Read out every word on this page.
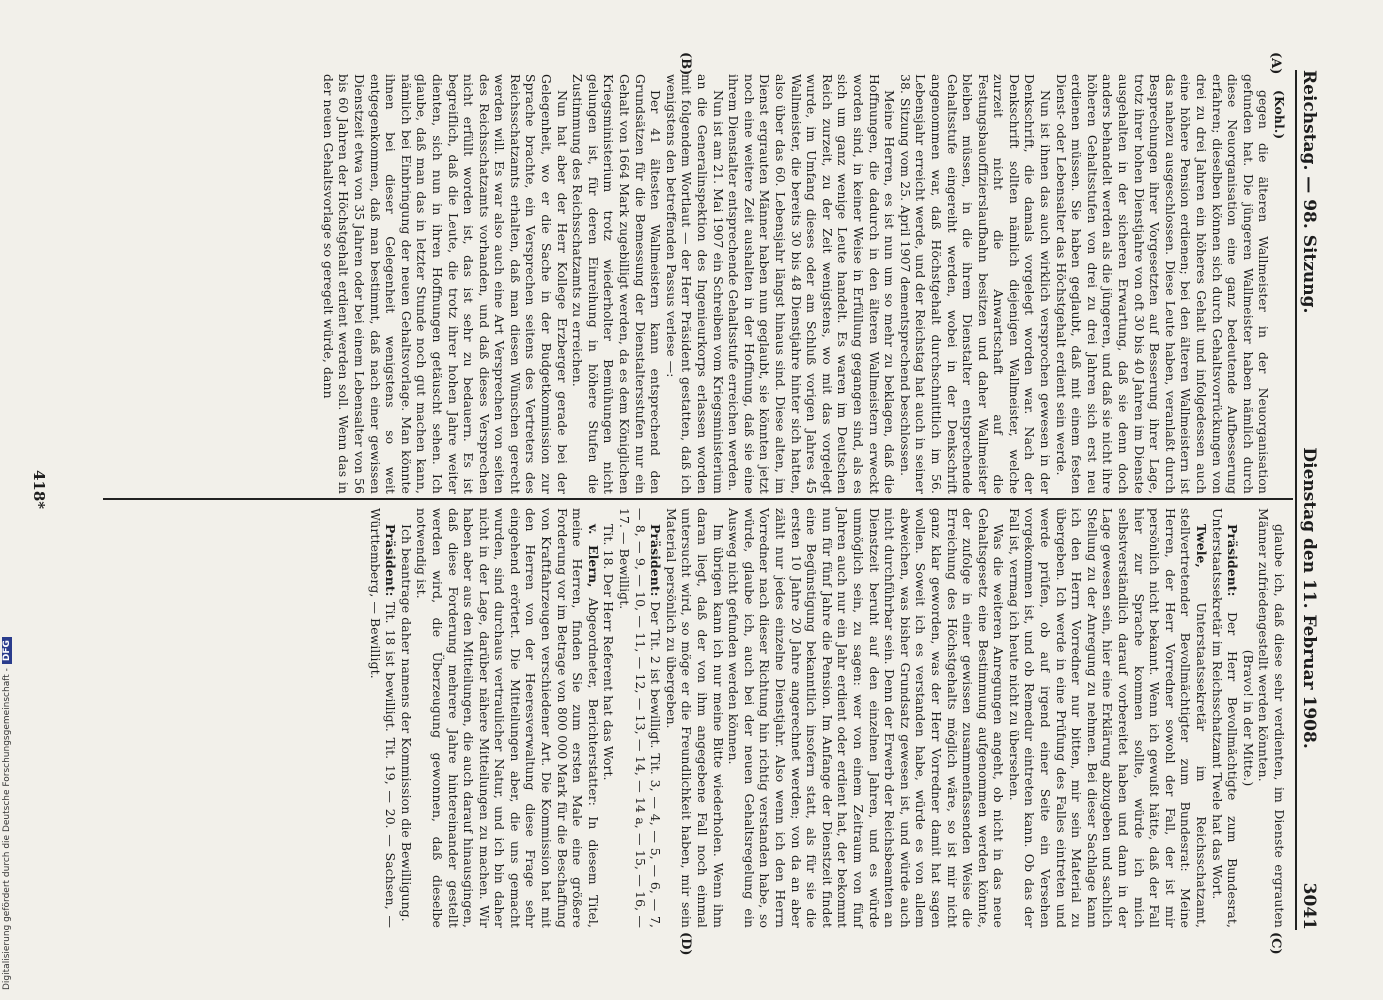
Reichstag. — 98. Sitzung.
Dienstag den 11. Februar 1908.
3041
(A)
(B)
(C)
(D)

(Kohl.)

gegen die älteren Wallmeister in der Neuorganisation gefunden hat. Die jüngeren Wallmeister haben nämlich durch diese Neuorganisation eine ganz bedeutende Aufbesserung erfahren; dieselben können sich durch Gehaltsvorrückungen von drei zu drei Jahren ein höheres Gehalt und infolgedessen auch eine höhere Pension erdienen; bei den älteren Wallmeistern ist das nahezu ausgeschlossen. Diese Leute haben, veranlaßt durch Besprechungen ihrer Vorgesetzten auf Besserung ihrer Lage, trotz ihrer hohen Dienstjahre von oft 30 bis 40 Jahren im Dienste ausgehalten in der sicheren Erwartung, daß sie denn doch anders behandelt werden als die jüngeren, und daß sie nicht ihre höheren Gehaltsstufen von drei zu drei Jahren sich erst neu erdienen müssen. Sie haben geglaubt, daß mit einem festen Dienst- oder Lebensalter das Höchstgehalt erdient sein werde.

Nun ist ihnen das auch wirklich versprochen gewesen in der Denkschrift, die damals vorgelegt worden war. Nach der Denkschrift sollten nämlich diejenigen Wallmeister, welche zurzeit nicht die Anwartschaft auf die Festungsbauoffizierslaufbahn besitzen und daher Wallmeister bleiben müssen, in die ihrem Dienstalter entsprechende Gehaltsstufe eingereiht werden, wobei in der Denkschrift angenommen war, daß Höchstgehalt durchschnittlich im 56. Lebensjahr erreicht werde, und der Reichstag hat auch in seiner 38. Sitzung vom 25. April 1907 dementsprechend beschlossen.

Meine Herren, es ist nun um so mehr zu beklagen, daß die Hoffnungen, die dadurch in den älteren Wallmeistern erweckt worden sind, in keiner Weise in Erfüllung gegangen sind, als es sich um ganz wenige Leute handelt. Es waren im Deutschen Reich zurzeit, zu der Zeit wenigstens, wo mit das vorgelegt wurde, im Umfang dieses oder am Schluß vorigen Jahres 45 Wallmeister, die bereits 30 bis 48 Dienstjahre hinter sich hatten, also über das 60. Lebensjahr längst hinaus sind. Diese alten, im Dienst ergrauten Männer haben nun geglaubt, sie könnten jetzt noch eine weitere Zeit aushalten in der Hoffnung, daß sie eine ihrem Dienstalter entsprechende Gehaltsstufe erreichen werden.

Nun ist am 21. Mai 1907 ein Schreiben vom Kriegsministerium an die Generalinspektion des Ingenieurkorps erlassen worden mit folgendem Wortlaut — der Herr Präsident gestatten, daß ich wenigstens den betreffenden Passus verlese —:

Der 41 ältesten Wallmeistern kann entsprechend den Grundsätzen für die Bemessung der Dienstaltersstufen nur ein Gehalt von 1664 Mark zugebilligt werden, da es dem Königlichen Kriegsministerium trotz wiederholter Bemühungen nicht gelungen ist, für deren Einreihung in höhere Stufen die Zustimmung des Reichsschatzamts zu erreichen.

Nun hat aber der Herr Kollege Erzberger gerade bei der Gelegenheit, wo er die Sache in der Budgetkommission zur Sprache brachte, ein Versprechen seitens des Vertreters des Reichsschatzamts erhalten, daß man diesen Wünschen gerecht werden will. Es war also auch eine Art Versprechen von seiten des Reichsschatzamts vorhanden, und daß dieses Versprechen nicht erfüllt worden ist, das ist sehr zu bedauern. Es ist begreiflich, daß die Leute, die trotz ihrer hohen Jahre weiter dienten, sich nun in ihren Hoffnungen getäuscht sehen. Ich glaube, daß man das in letzter Stunde noch gut machen kann, nämlich bei Einbringung der neuen Gehaltsvorlage. Man könnte ihnen bei dieser Gelegenheit wenigstens so weit entgegenkommen, daß man bestimmt, daß nach einer gewissen Dienstzeit etwa von 35 Jahren oder bei einem Lebensalter von 56 bis 60 Jahren der Höchstgehalt erdient werden soll. Wenn das in der neuen Gehaltsvorlage so geregelt würde, dann

glaube ich, daß diese sehr verdienten, im Dienste ergrauten Männer zufriedengestellt werden könnten.

(Bravo! in der Mitte.)

Präsident: Der Herr Bevollmächtigte zum Bundesrat, Unterstaatssekretär im Reichsschatzamt Twele hat das Wort.

Twele, Unterstaatssekretär im Reichsschatzamt, stellvertretender Bevollmächtigter zum Bundesrat: Meine Herren, der Herr Vorredner sowohl der Fall, der ist mir persönlich nicht bekannt. Wenn ich gewußt hätte, daß der Fall hier zur Sprache kommen sollte, würde ich mich selbstverständlich darauf vorbereitet haben und dann in der Lage gewesen sein, hier eine Erklärung abzugeben und sachlich Stellung zu der Anregung zu nehmen. Bei dieser Sachlage kann ich den Herrn Vorredner nur bitten, mir sein Material zu übergeben. Ich werde in eine Prüfung des Falles eintreten und werde prüfen, ob auf irgend einer Seite ein Versehen vorgekommen ist, und ob Remedur eintreten kann. Ob das der Fall ist, vermag ich heute nicht zu übersehen.

Was die weiteren Anregungen angeht, ob nicht in das neue Gehaltsgesetz eine Bestimmung aufgenommen werden könnte, der zufolge in einer gewissen zusammenfassenden Weise die Erreichung des Höchstgehalts möglich wäre, so ist mir nicht ganz klar geworden, was der Herr Vorredner damit hat sagen wollen. Soweit ich es verstanden habe, würde es von allem abweichen, was bisher Grundsatz gewesen ist, und würde auch nicht durchführbar sein. Denn der Erwerb der Reichsbeamten an Dienstzeit beruht auf den einzelnen Jahren, und es würde unmöglich sein, zu sagen: wer von einem Zeitraum von fünf Jahren auch nur ein Jahr erdient oder erdient hat, der bekommt nun für fünf Jahre die Pension. Im Anfange der Dienstzeit findet eine Begünstigung bekanntlich insofern statt, als für sie die ersten 10 Jahre 20 Jahre angerechnet werden; von da an aber zählt nur jedes einzelne Dienstjahr. Also wenn ich den Herrn Vorredner nach dieser Richtung hin richtig verstanden habe, so würde, glaube ich, auch bei der neuen Gehaltsregelung ein Ausweg nicht gefunden werden können.

Im übrigen kann ich nur meine Bitte wiederholen. Wenn ihm daran liegt, daß der von ihm angegebene Fall noch einmal untersucht wird, so möge er die Freundlichkeit haben, mir sein Material persönlich zu übergeben.

Präsident: Der Tit. 2 ist bewilligt. Tit. 3, — 4, — 5, — 6, — 7, — 8, — 9, — 10, — 11, — 12, — 13, — 14, — 14 a, — 15, — 16, — 17. — Bewilligt.

Tit. 18. Der Herr Referent hat das Wort.

v. Elern, Abgeordneter, Berichterstatter: In diesem Titel, meine Herren, finden Sie zum ersten Male eine größere Forderung vor im Betrage von 800 000 Mark für die Beschaffung von Kraftfahrzeugen verschiedener Art. Die Kommission hat mit den Herren von der Heeresverwaltung diese Frage sehr eingehend erörtert. Die Mitteilungen aber, die uns gemacht wurden, sind durchaus vertraulicher Natur, und ich bin daher nicht in der Lage, darüber nähere Mitteilungen zu machen. Wir haben aber aus den Mitteilungen, die auch darauf hinausgingen, daß diese Forderung mehrere Jahre hintereinander gestellt werden wird, die Überzeugung gewonnen, daß dieselbe notwendig ist.

Ich beantrage daher namens der Kommission die Bewilligung.

Präsident: Tit. 18 ist bewilligt. Tit. 19, — 20. — Sachsen, — Württemberg, — Bewilligt.

418*
Digitalisierung gefördert durch die Deutsche Forschungsgemeinschaft -DFG
